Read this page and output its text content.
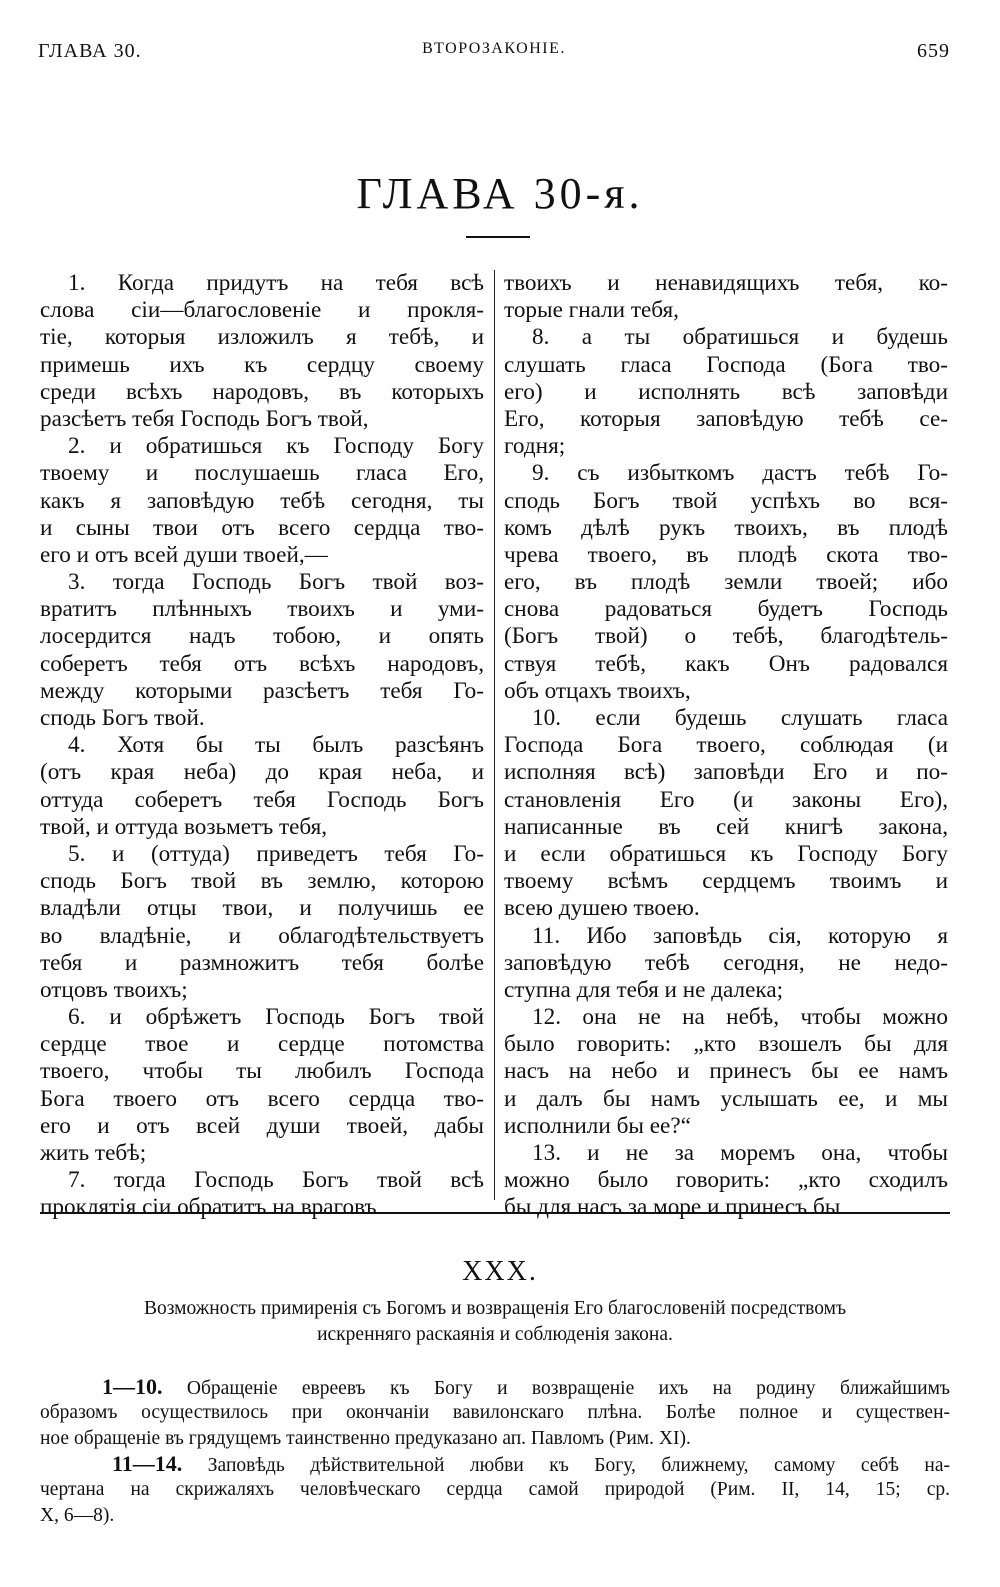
ГЛАВА 30.	ВТОРОЗАКОНІЕ.	659
ГЛАВА 30-я.
1. Когда придутъ на тебя всѣ
слова сіи—благословеніе и прокля-
тіе, которыя изложилъ я тебѣ, и
примешь ихъ къ сердцу своему
среди всѣхъ народовъ, въ которыхъ
разсѣетъ тебя Господь Богъ твой,
2. и обратишься къ Господу Богу
твоему и послушаешь гласа Его,
какъ я заповѣдую тебѣ сегодня, ты
и сыны твои отъ всего сердца тво-
его и отъ всей души твоей,—
3. тогда Господь Богъ твой воз-
вратитъ плѣнныхъ твоихъ и уми-
лосердится надъ тобою, и опять
соберетъ тебя отъ всѣхъ народовъ,
между которыми разсѣетъ тебя Го-
сподь Богъ твой.
4. Хотя бы ты былъ разсѣянъ
(отъ края неба) до края неба, и
оттуда соберетъ тебя Господь Богъ
твой, и оттуда возьметъ тебя,
5. и (оттуда) приведетъ тебя Го-
сподь Богъ твой въ землю, которою
владѣли отцы твои, и получишь ее
во владѣніе, и облагодѣтельствуетъ
тебя и размножитъ тебя болѣе
отцовъ твоихъ;
6. и обрѣжетъ Господь Богъ твой
сердце твое и сердце потомства
твоего, чтобы ты любилъ Господа
Бога твоего отъ всего сердца тво-
его и отъ всей души твоей, дабы
жить тебѣ;
7. тогда Господь Богъ твой всѣ
проклятія сіи обратитъ на враговъ
твоихъ и ненавидящихъ тебя, ко-
торые гнали тебя,
8. а ты обратишься и будешь
слушать гласа Господа (Бога тво-
его) и исполнять всѣ заповѣди
Его, которыя заповѣдую тебѣ се-
годня;
9. съ избыткомъ дастъ тебѣ Го-
сподь Богъ твой успѣхъ во вся-
комъ дѣлѣ рукъ твоихъ, въ плодѣ
чрева твоего, въ плодѣ скота тво-
его, въ плодѣ земли твоей; ибо
снова радоваться будетъ Господь
(Богъ твой) о тебѣ, благодѣтель-
ствуя тебѣ, какъ Онъ радовался
объ отцахъ твоихъ,
10. если будешь слушать гласа
Господа Бога твоего, соблюдая (и
исполняя всѣ) заповѣди Его и по-
становленія Его (и законы Его),
написанные въ сей книгѣ закона,
и если обратишься къ Господу Богу
твоему всѣмъ сердцемъ твоимъ и
всею душею твоею.
11. Ибо заповѣдь сія, которую я
заповѣдую тебѣ сегодня, не недо-
ступна для тебя и не далека;
12. она не на небѣ, чтобы можно
было говорить: „кто взошелъ бы для
насъ на небо и принесъ бы ее намъ
и далъ бы намъ услышать ее, и мы
исполнили бы ее?“
13. и не за моремъ она, чтобы
можно было говорить: „кто сходилъ
бы для насъ за море и принесъ бы
XXX.
Возможность примиренія съ Богомъ и возвращенія Его благословеній посредствомъ
искренняго раскаянія и соблюденія закона.
1—10. Обращеніе евреевъ къ Богу и возвращеніе ихъ на родину ближайшимъ
образомъ осуществилось при окончаніи вавилонскаго плѣна. Болѣе полное и существен-
ное обращеніе въ грядущемъ таинственно предуказано ап. Павломъ (Рим. XI).
11—14. Заповѣдь дѣйствительной любви къ Богу, ближнему, самому себѣ на-
чертана на скрижаляхъ человѣческаго сердца самой природой (Рим. II, 14, 15; ср.
X, 6—8).
